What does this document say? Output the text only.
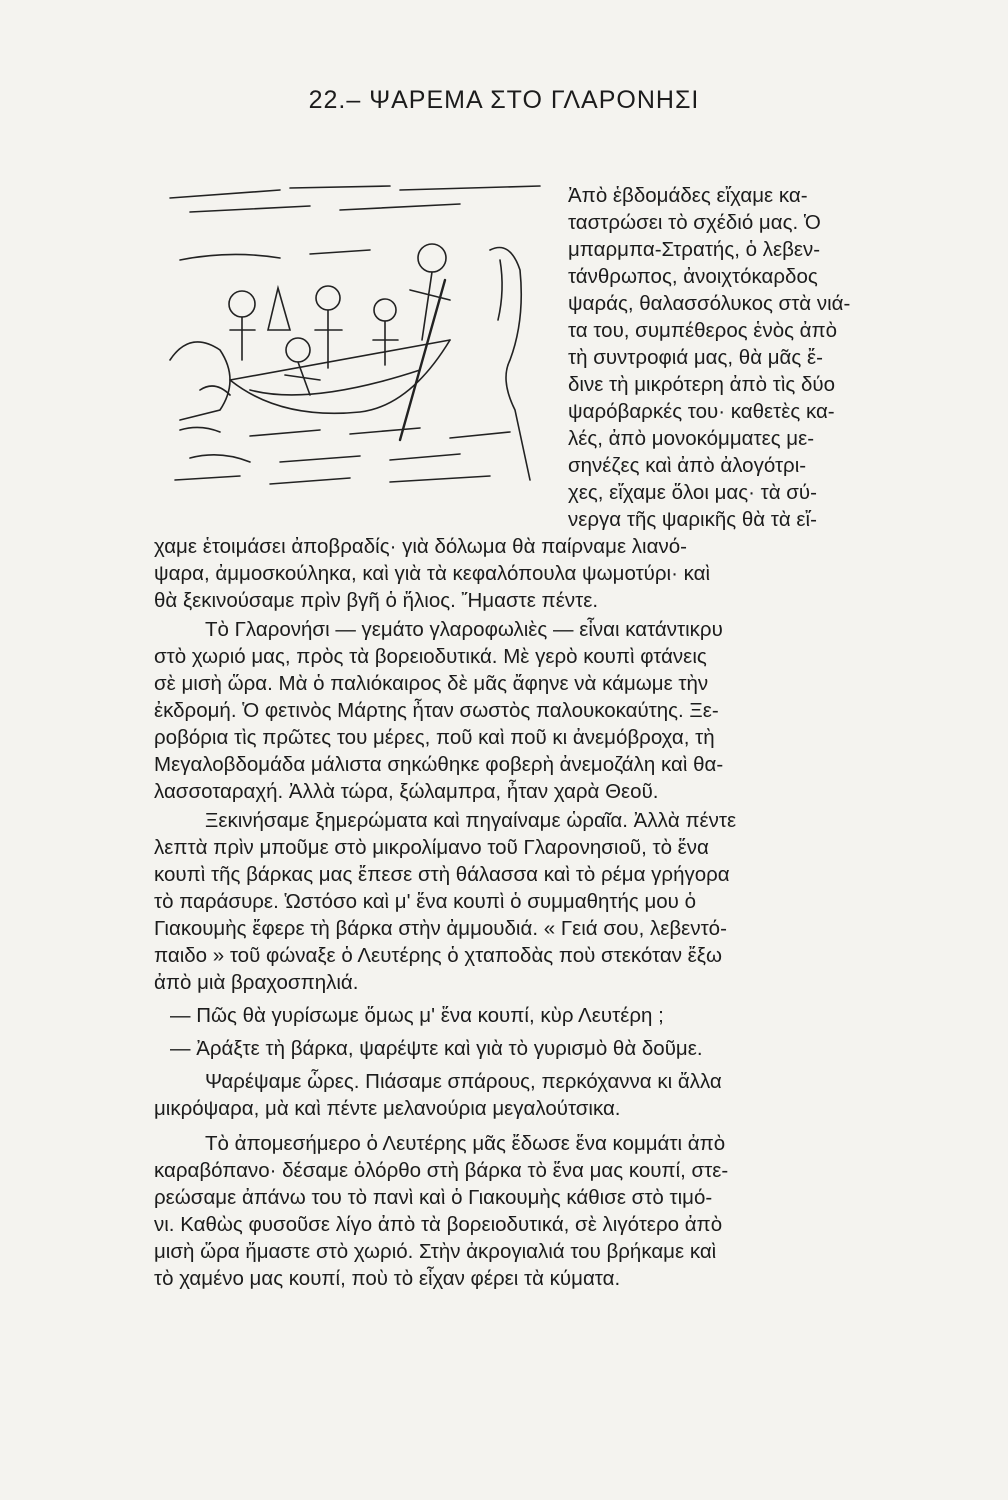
22.– ΨΑΡΕΜΑ ΣΤΟ ΓΛΑΡΟΝΗΣΙ
Ἀπὸ ἑβδομάδες εἴχαμε κα-
ταστρώσει τὸ σχέδιό μας. Ὁ
μπαρμπα-Στρατής, ὁ λεβεν-
τάνθρωπος, ἀνοιχτόκαρδος
ψαράς, θαλασσόλυκος στὰ νιά-
τα του, συμπέθερος ἑνὸς ἀπὸ
τὴ συντροφιά μας, θὰ μᾶς ἔ-
δινε τὴ μικρότερη ἀπὸ τὶς δύο
ψαρόβαρκές του· καθετὲς κα-
λές, ἀπὸ μονοκόμματες με-
σηνέζες καὶ ἀπὸ ἀλογότρι-
χες, εἴχαμε ὅλοι μας· τὰ σύ-
νεργα τῆς ψαρικῆς θὰ τὰ εἴ-
χαμε ἑτοιμάσει ἀποβραδίς· γιὰ δόλωμα θὰ παίρναμε λιανό-
ψαρα, ἀμμοσκούληκα, καὶ γιὰ τὰ κεφαλόπουλα ψωμοτύρι· καὶ
θὰ ξεκινούσαμε πρὶν βγῆ ὁ ἥλιος. Ἤμαστε πέντε.
Τὸ Γλαρονήσι — γεμάτο γλαροφωλιὲς — εἶναι κατάντικρυ
στὸ χωριό μας, πρὸς τὰ βορειοδυτικά. Μὲ γερὸ κουπὶ φτάνεις
σὲ μισὴ ὥρα. Μὰ ὁ παλιόκαιρος δὲ μᾶς ἄφηνε νὰ κάμωμε τὴν
ἐκδρομή. Ὁ φετινὸς Μάρτης ἦταν σωστὸς παλουκοκαύτης. Ξε-
ροβόρια τὶς πρῶτες του μέρες, ποῦ καὶ ποῦ κι ἀνεμόβροχα, τὴ
Μεγαλοβδομάδα μάλιστα σηκώθηκε φοβερὴ ἀνεμοζάλη καὶ θα-
λασσοταραχή. Ἀλλὰ τώρα, ξώλαμπρα, ἦταν χαρὰ Θεοῦ.
Ξεκινήσαμε ξημερώματα καὶ πηγαίναμε ὡραῖα. Ἀλλὰ πέντε
λεπτὰ πρὶν μποῦμε στὸ μικρολίμανο τοῦ Γλαρονησιοῦ, τὸ ἕνα
κουπὶ τῆς βάρκας μας ἔπεσε στὴ θάλασσα καὶ τὸ ρέμα γρήγορα
τὸ παράσυρε. Ὡστόσο καὶ μ' ἕνα κουπὶ ὁ συμμαθητής μου ὁ
Γιακουμὴς ἔφερε τὴ βάρκα στὴν ἀμμουδιά. « Γειά σου, λεβεντό-
παιδο » τοῦ φώναξε ὁ Λευτέρης ὁ χταποδὰς ποὺ στεκόταν ἔξω
ἀπὸ μιὰ βραχοσπηλιά.
— Πῶς θὰ γυρίσωμε ὅμως μ' ἕνα κουπί, κὺρ Λευτέρη ;
— Ἀράξτε τὴ βάρκα, ψαρέψτε καὶ γιὰ τὸ γυρισμὸ θὰ δοῦμε.
Ψαρέψαμε ὧρες. Πιάσαμε σπάρους, περκόχαννα κι ἄλλα
μικρόψαρα, μὰ καὶ πέντε μελανούρια μεγαλούτσικα.
Τὸ ἀπομεσήμερο ὁ Λευτέρης μᾶς ἔδωσε ἕνα κομμάτι ἀπὸ
καραβόπανο· δέσαμε ὀλόρθο στὴ βάρκα τὸ ἕνα μας κουπί, στε-
ρεώσαμε ἀπάνω του τὸ πανὶ καὶ ὁ Γιακουμὴς κάθισε στὸ τιμό-
νι. Καθὼς φυσοῦσε λίγο ἀπὸ τὰ βορειοδυτικά, σὲ λιγότερο ἀπὸ
μισὴ ὥρα ἤμαστε στὸ χωριό. Στὴν ἀκρογιαλιά του βρήκαμε καὶ
τὸ χαμένο μας κουπί, ποὺ τὸ εἶχαν φέρει τὰ κύματα.
